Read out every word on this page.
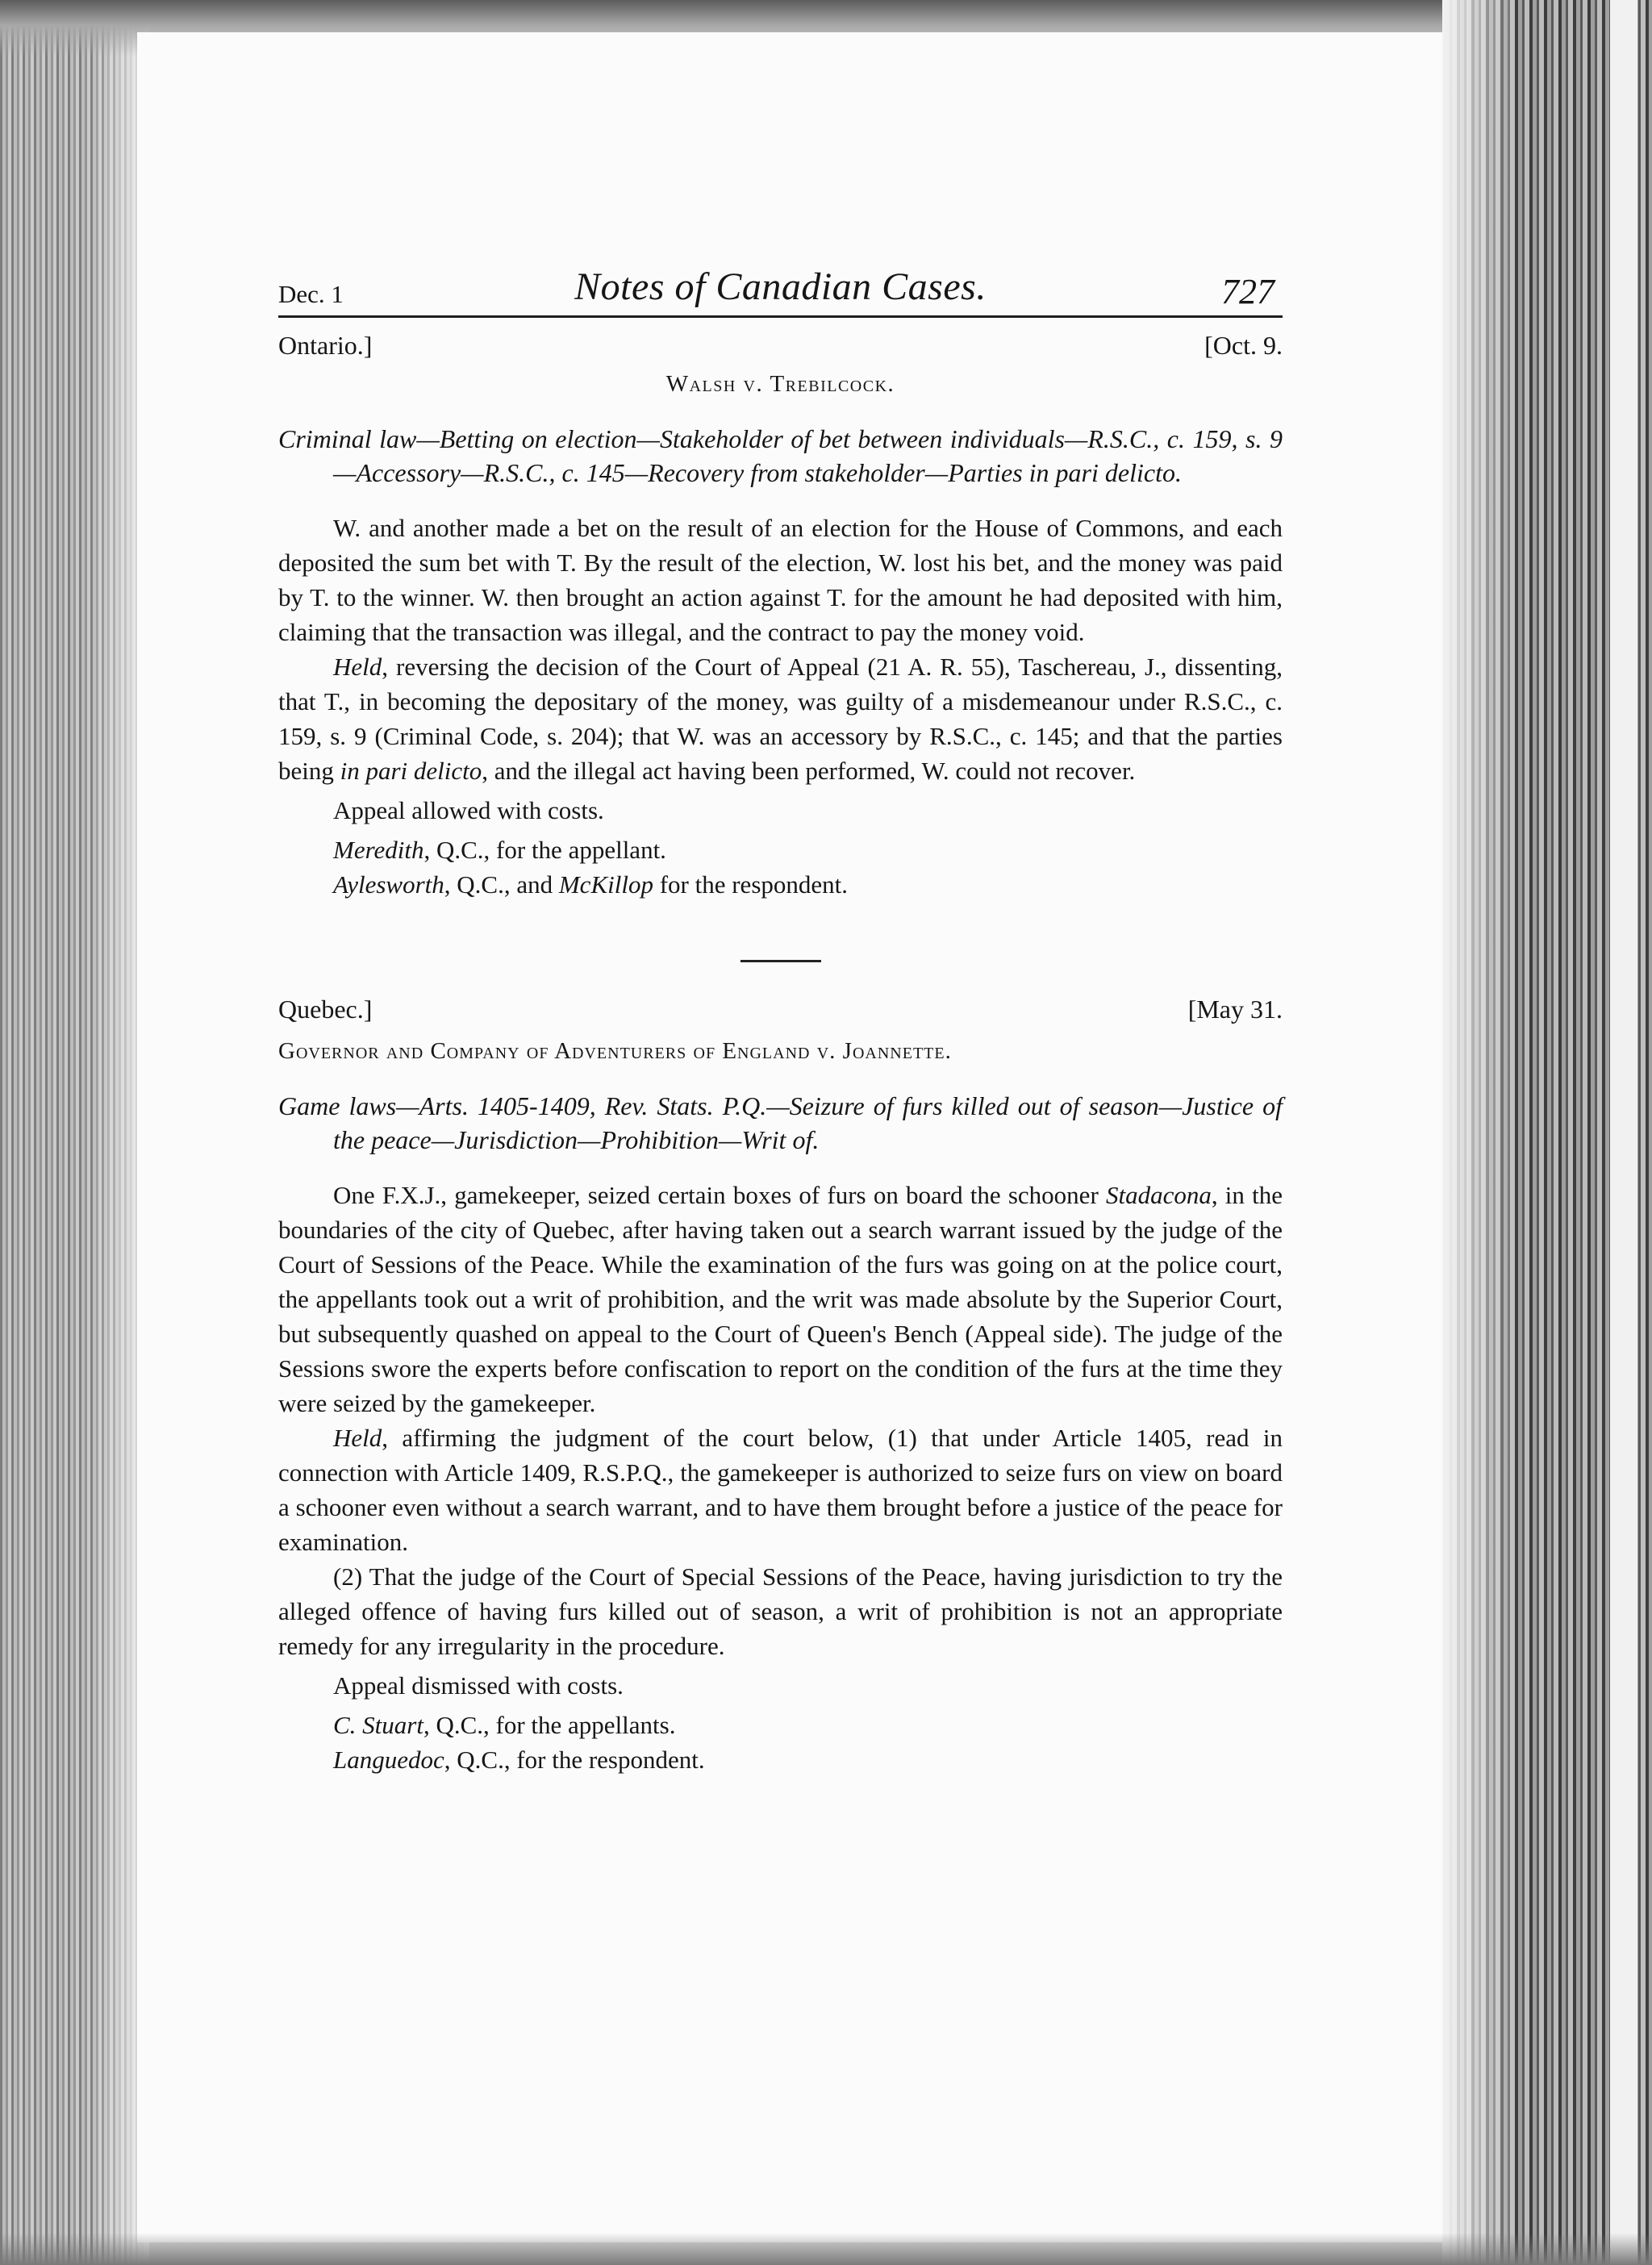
Dec. 1	Notes of Canadian Cases.	727
Ontario.]	[Oct. 9.

Walsh v. Trebilcock.

Criminal law—Betting on election—Stakeholder of bet between individuals—R.S.C., c. 159, s. 9—Accessory—R.S.C., c. 145—Recovery from stakeholder—Parties in pari delicto.

W. and another made a bet on the result of an election for the House of Commons, and each deposited the sum bet with T. By the result of the election, W. lost his bet, and the money was paid by T. to the winner. W. then brought an action against T. for the amount he had deposited with him, claiming that the transaction was illegal, and the contract to pay the money void.

Held, reversing the decision of the Court of Appeal (21 A. R. 55), Taschereau, J., dissenting, that T., in becoming the depositary of the money, was guilty of a misdemeanour under R.S.C., c. 159, s. 9 (Criminal Code, s. 204); that W. was an accessory by R.S.C., c. 145; and that the parties being in pari delicto, and the illegal act having been performed, W. could not recover.

Appeal allowed with costs.

Meredith, Q.C., for the appellant.

Aylesworth, Q.C., and McKillop for the respondent.

Quebec.]	[May 31.

Governor and Company of Adventurers of England v. Joannette.

Game laws—Arts. 1405-1409, Rev. Stats. P.Q.—Seizure of furs killed out of season—Justice of the peace—Jurisdiction—Prohibition—Writ of.

One F.X.J., gamekeeper, seized certain boxes of furs on board the schooner Stadacona, in the boundaries of the city of Quebec, after having taken out a search warrant issued by the judge of the Court of Sessions of the Peace. While the examination of the furs was going on at the police court, the appellants took out a writ of prohibition, and the writ was made absolute by the Superior Court, but subsequently quashed on appeal to the Court of Queen's Bench (Appeal side). The judge of the Sessions swore the experts before confiscation to report on the condition of the furs at the time they were seized by the gamekeeper.

Held, affirming the judgment of the court below, (1) that under Article 1405, read in connection with Article 1409, R.S.P.Q., the gamekeeper is authorized to seize furs on view on board a schooner even without a search warrant, and to have them brought before a justice of the peace for examination.

(2) That the judge of the Court of Special Sessions of the Peace, having jurisdiction to try the alleged offence of having furs killed out of season, a writ of prohibition is not an appropriate remedy for any irregularity in the procedure.

Appeal dismissed with costs.

C. Stuart, Q.C., for the appellants.

Languedoc, Q.C., for the respondent.
